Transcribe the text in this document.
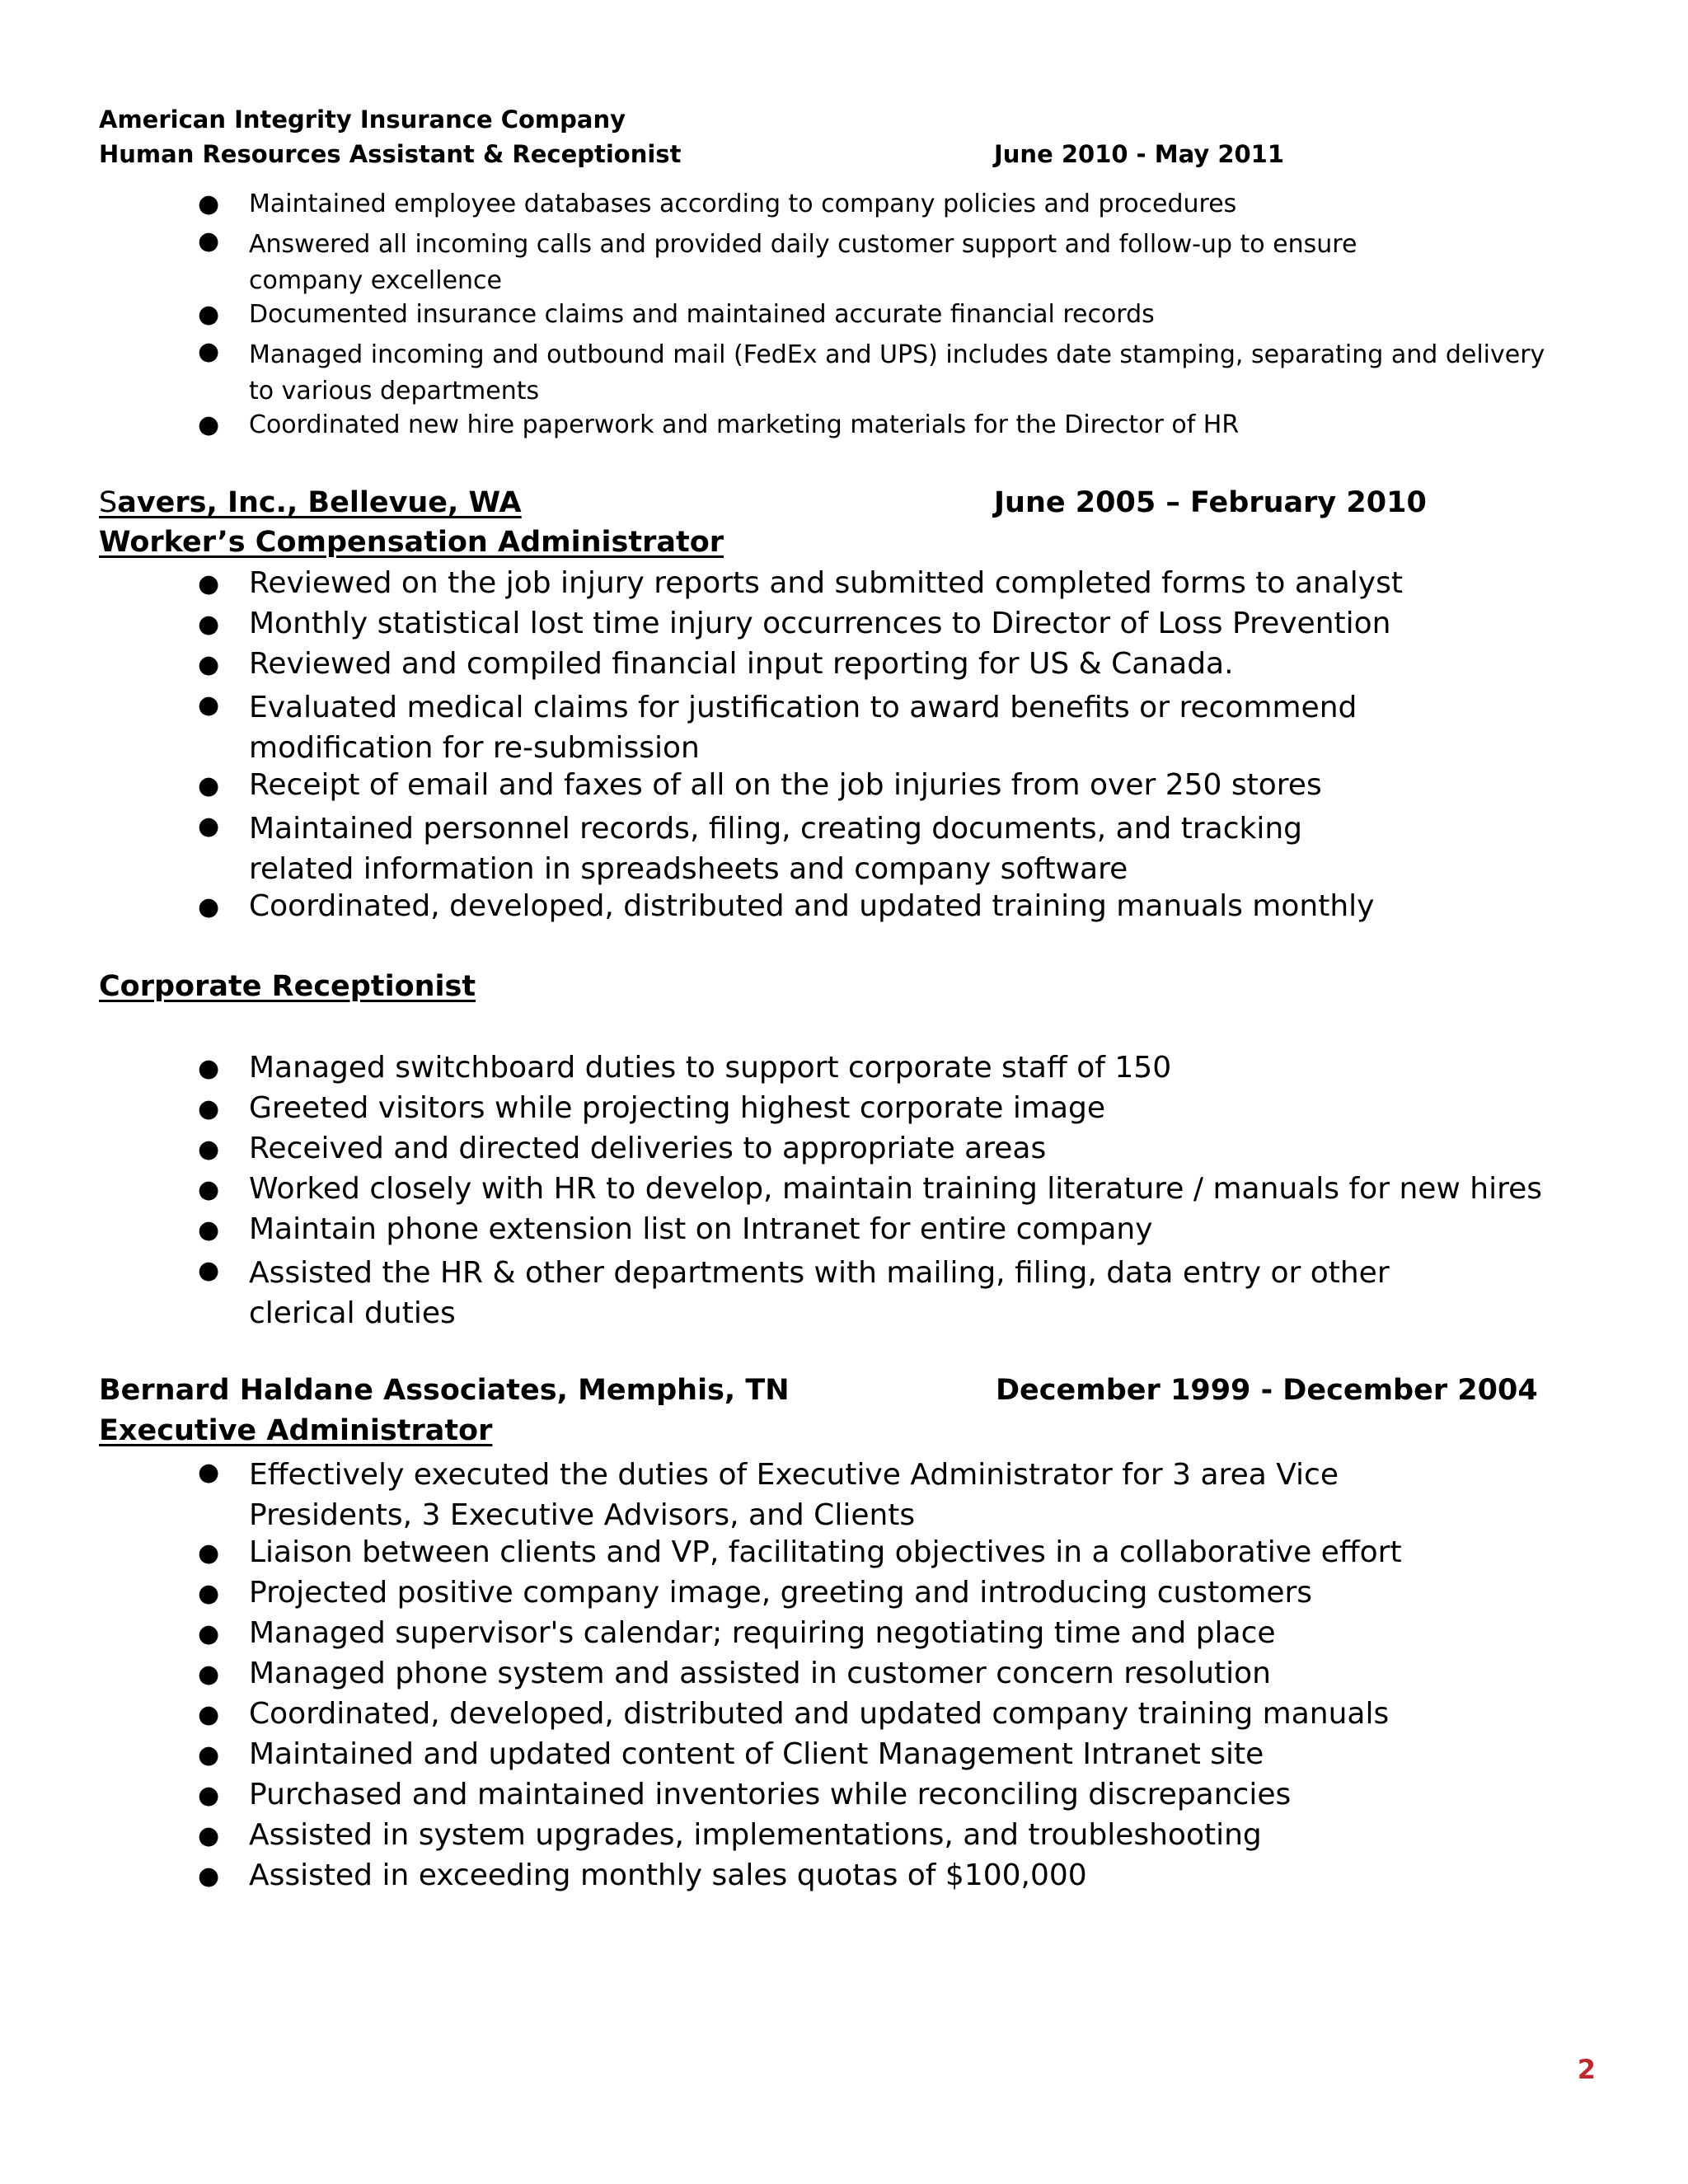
American Integrity Insurance Company
Human Resources Assistant & Receptionist	June 2010 - May 2011
● Maintained employee databases according to company policies and procedures
● Answered all incoming calls and provided daily customer support and follow-up to ensure company excellence
● Documented insurance claims and maintained accurate financial records
● Managed incoming and outbound mail (FedEx and UPS) includes date stamping, separating and delivery to various departments
● Coordinated new hire paperwork and marketing materials for the Director of HR
Savers, Inc., Bellevue, WA	June 2005 – February 2010
Worker’s Compensation Administrator
● Reviewed on the job injury reports and submitted completed forms to analyst
● Monthly statistical lost time injury occurrences to Director of Loss Prevention
● Reviewed and compiled financial input reporting for US & Canada.
● Evaluated medical claims for justification to award benefits or recommend modification for re-submission
● Receipt of email and faxes of all on the job injuries from over 250 stores
● Maintained personnel records, filing, creating documents, and tracking related information in spreadsheets and company software
● Coordinated, developed, distributed and updated training manuals monthly
Corporate Receptionist
● Managed switchboard duties to support corporate staff of 150
● Greeted visitors while projecting highest corporate image
● Received and directed deliveries to appropriate areas
● Worked closely with HR to develop, maintain training literature / manuals for new hires
● Maintain phone extension list on Intranet for entire company
● Assisted the HR & other departments with mailing, filing, data entry or other clerical duties
Bernard Haldane Associates, Memphis, TN	December 1999 - December 2004
Executive Administrator
● Effectively executed the duties of Executive Administrator for 3 area Vice Presidents, 3 Executive Advisors, and Clients
● Liaison between clients and VP, facilitating objectives in a collaborative effort
● Projected positive company image, greeting and introducing customers
● Managed supervisor's calendar; requiring negotiating time and place
● Managed phone system and assisted in customer concern resolution
● Coordinated, developed, distributed and updated company training manuals
● Maintained and updated content of Client Management Intranet site
● Purchased and maintained inventories while reconciling discrepancies
● Assisted in system upgrades, implementations, and troubleshooting
● Assisted in exceeding monthly sales quotas of $100,000
2
